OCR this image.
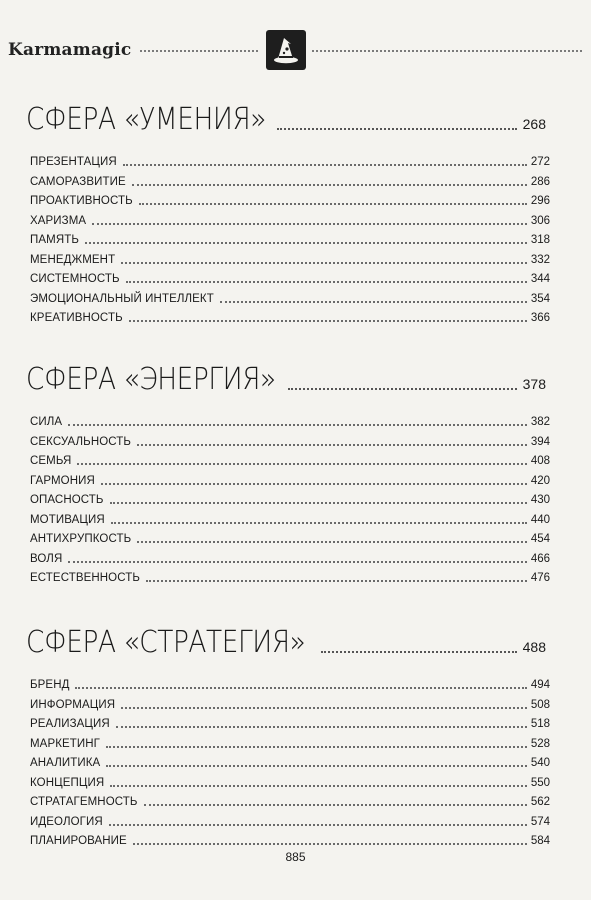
Karmamagic
СФЕРА «УМЕНИЯ»	268
ПРЕЗЕНТАЦИЯ	272
САМОРАЗВИТИЕ	286
ПРОАКТИВНОСТЬ	296
ХАРИЗМА	306
ПАМЯТЬ	318
МЕНЕДЖМЕНТ	332
СИСТЕМНОСТЬ	344
ЭМОЦИОНАЛЬНЫЙ ИНТЕЛЛЕКТ	354
КРЕАТИВНОСТЬ	366
СФЕРА «ЭНЕРГИЯ»	378
СИЛА	382
СЕКСУАЛЬНОСТЬ	394
СЕМЬЯ	408
ГАРМОНИЯ	420
ОПАСНОСТЬ	430
МОТИВАЦИЯ	440
АНТИХРУПКОСТЬ	454
ВОЛЯ	466
ЕСТЕСТВЕННОСТЬ	476
СФЕРА «СТРАТЕГИЯ»	488
БРЕНД	494
ИНФОРМАЦИЯ	508
РЕАЛИЗАЦИЯ	518
МАРКЕТИНГ	528
АНАЛИТИКА	540
КОНЦЕПЦИЯ	550
СТРАТАГЕМНОСТЬ	562
ИДЕОЛОГИЯ	574
ПЛАНИРОВАНИЕ	584
885
